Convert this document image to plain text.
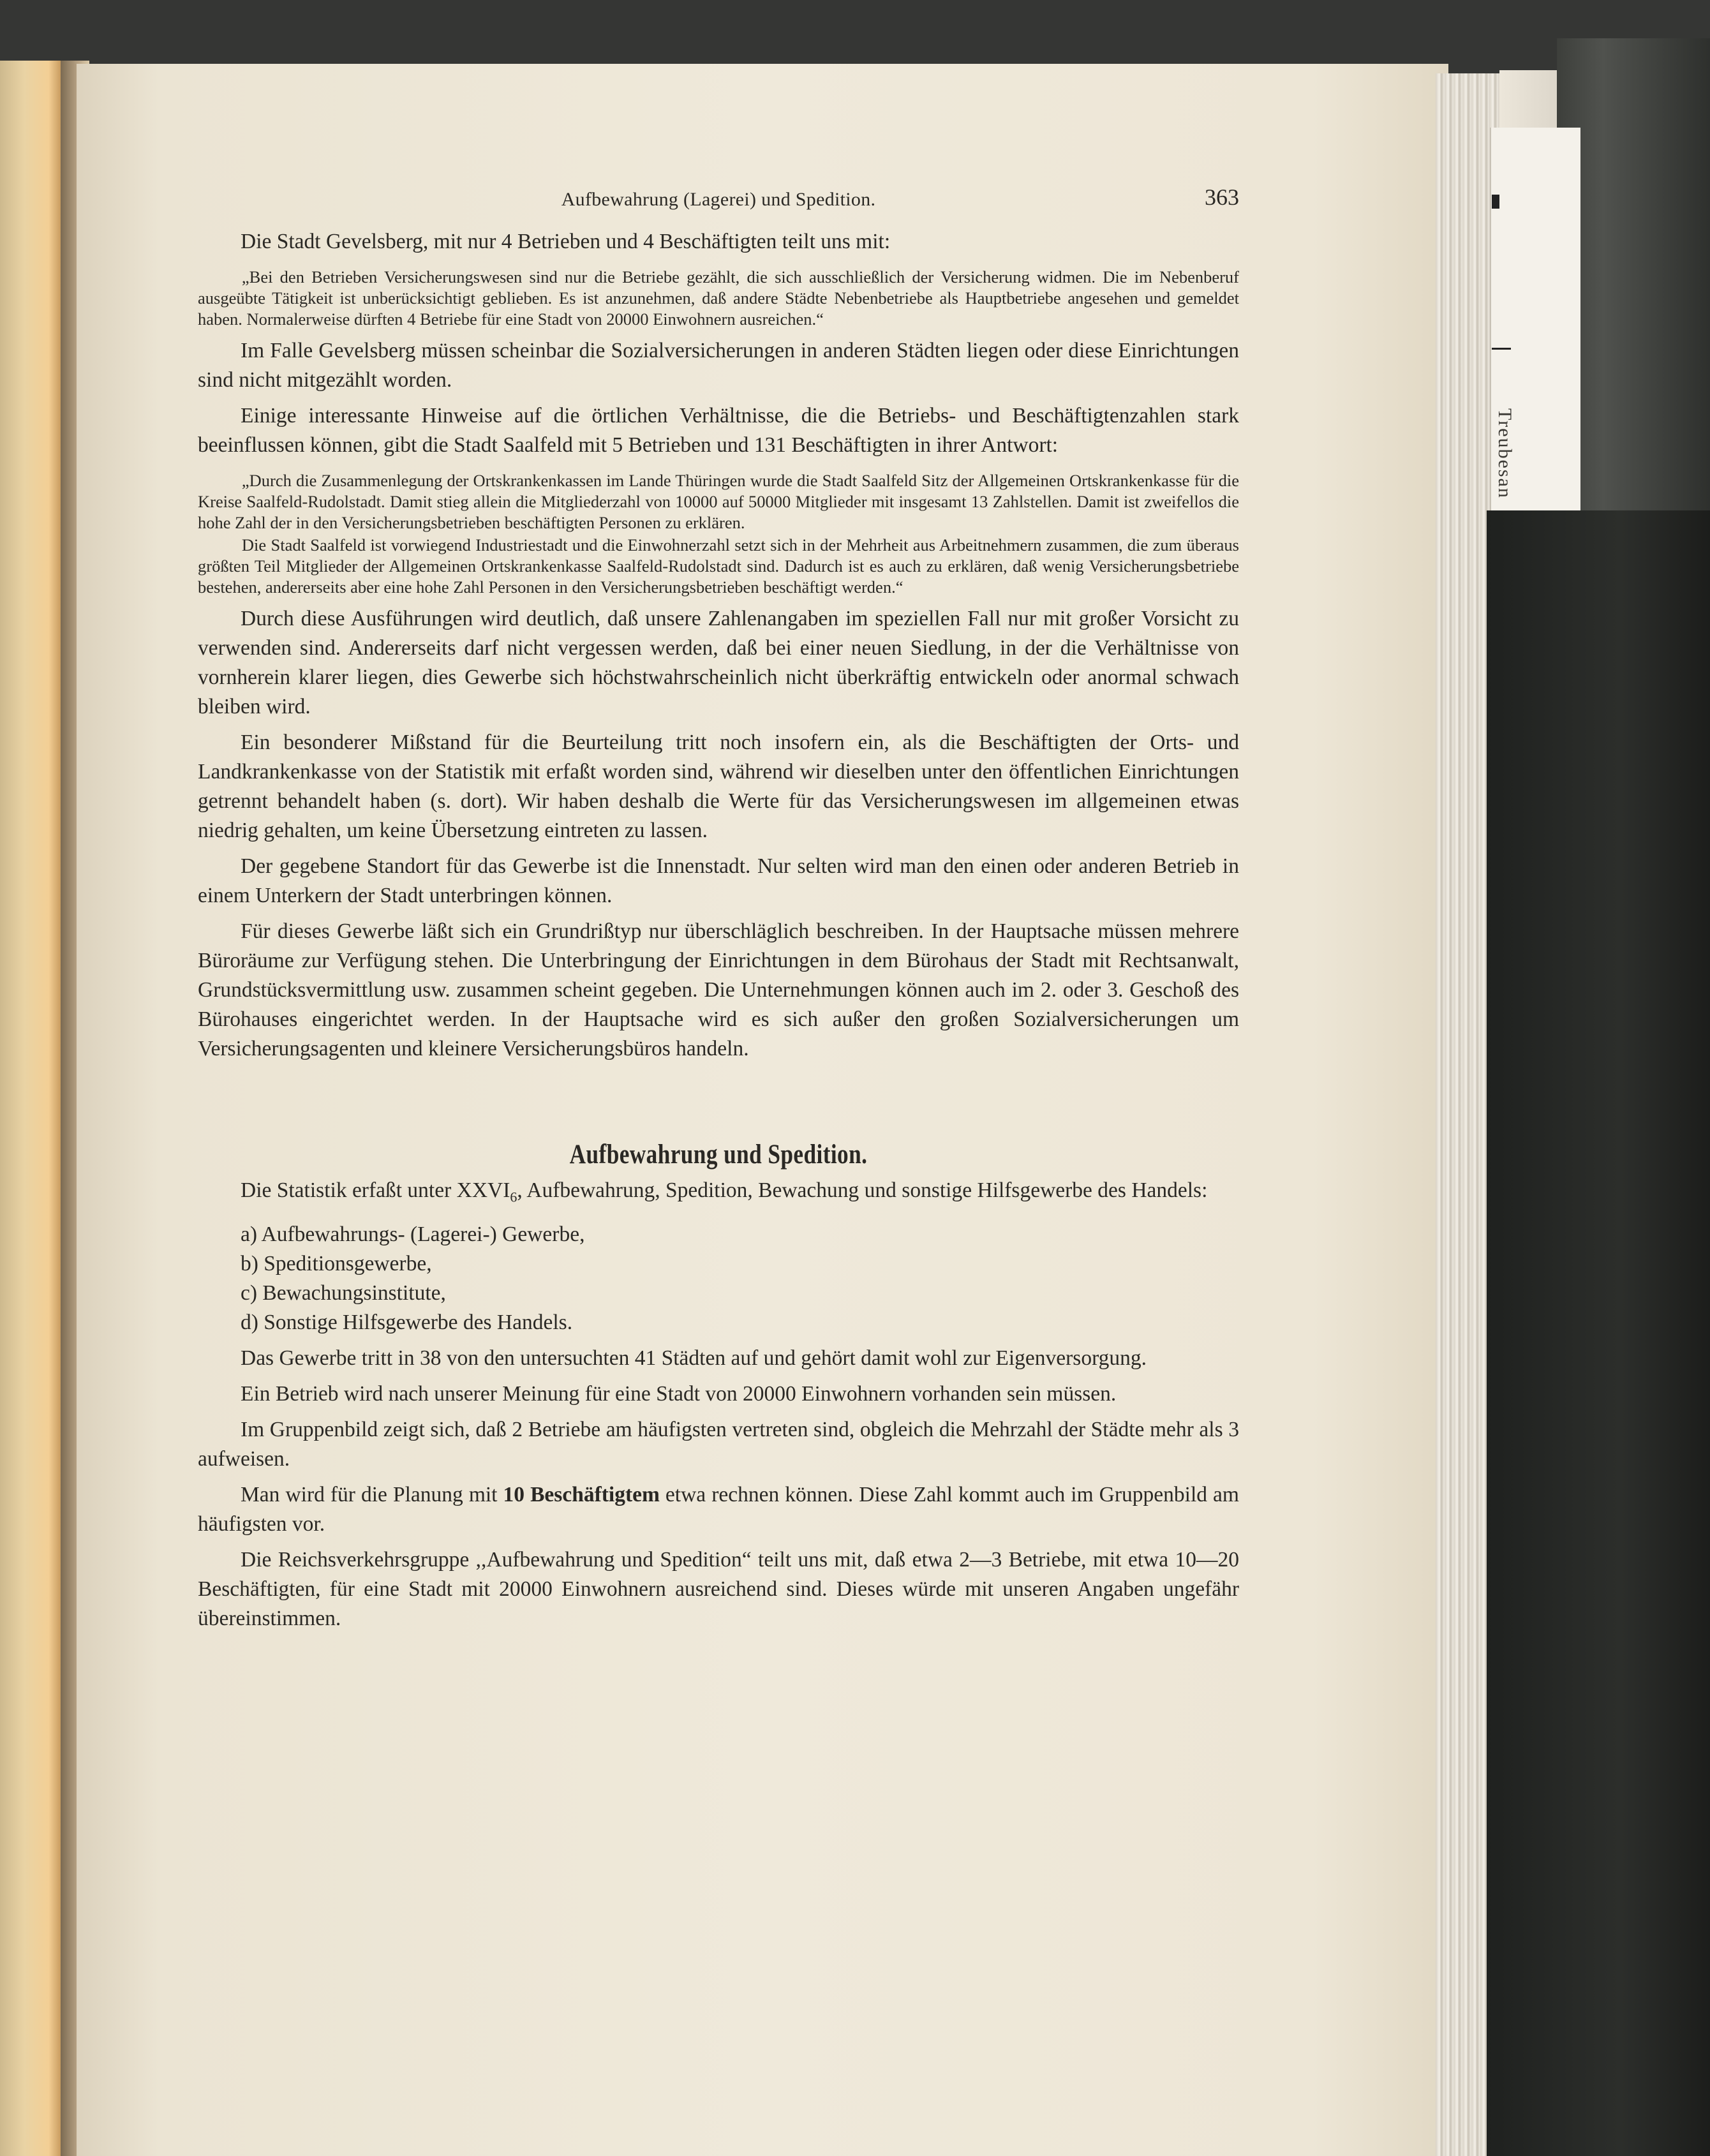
Treubesan
Aufbewahrung (Lagerei) und Spedition.	363

Die Stadt Gevelsberg, mit nur 4 Betrieben und 4 Beschäftigten teilt uns mit:

„Bei den Betrieben Versicherungswesen sind nur die Betriebe gezählt, die sich ausschließlich der Versicherung widmen. Die im Nebenberuf ausgeübte Tätigkeit ist unberücksichtigt geblieben. Es ist anzunehmen, daß andere Städte Nebenbetriebe als Hauptbetriebe angesehen und gemeldet haben. Normalerweise dürften 4 Betriebe für eine Stadt von 20000 Einwohnern ausreichen.“

Im Falle Gevelsberg müssen scheinbar die Sozialversicherungen in anderen Städten liegen oder diese Einrichtungen sind nicht mitgezählt worden.

Einige interessante Hinweise auf die örtlichen Verhältnisse, die die Betriebs- und Beschäftigtenzahlen stark beeinflussen können, gibt die Stadt Saalfeld mit 5 Betrieben und 131 Beschäftigten in ihrer Antwort:

„Durch die Zusammenlegung der Ortskrankenkassen im Lande Thüringen wurde die Stadt Saalfeld Sitz der Allgemeinen Ortskrankenkasse für die Kreise Saalfeld-Rudolstadt. Damit stieg allein die Mitgliederzahl von 10000 auf 50000 Mitglieder mit insgesamt 13 Zahlstellen. Damit ist zweifellos die hohe Zahl der in den Versicherungsbetrieben beschäftigten Personen zu erklären.

Die Stadt Saalfeld ist vorwiegend Industriestadt und die Einwohnerzahl setzt sich in der Mehrheit aus Arbeitnehmern zusammen, die zum überaus größten Teil Mitglieder der Allgemeinen Ortskrankenkasse Saalfeld-Rudolstadt sind. Dadurch ist es auch zu erklären, daß wenig Versicherungsbetriebe bestehen, andererseits aber eine hohe Zahl Personen in den Versicherungsbetrieben beschäftigt werden.“

Durch diese Ausführungen wird deutlich, daß unsere Zahlenangaben im speziellen Fall nur mit großer Vorsicht zu verwenden sind. Andererseits darf nicht vergessen werden, daß bei einer neuen Siedlung, in der die Verhältnisse von vornherein klarer liegen, dies Gewerbe sich höchstwahrscheinlich nicht überkräftig entwickeln oder anormal schwach bleiben wird.

Ein besonderer Mißstand für die Beurteilung tritt noch insofern ein, als die Beschäftigten der Orts- und Landkrankenkasse von der Statistik mit erfaßt worden sind, während wir dieselben unter den öffentlichen Einrichtungen getrennt behandelt haben (s. dort). Wir haben deshalb die Werte für das Versicherungswesen im allgemeinen etwas niedrig gehalten, um keine Übersetzung eintreten zu lassen.

Der gegebene Standort für das Gewerbe ist die Innenstadt. Nur selten wird man den einen oder anderen Betrieb in einem Unterkern der Stadt unterbringen können.

Für dieses Gewerbe läßt sich ein Grundrißtyp nur überschläglich beschreiben. In der Hauptsache müssen mehrere Büroräume zur Verfügung stehen. Die Unterbringung der Einrichtungen in dem Bürohaus der Stadt mit Rechtsanwalt, Grundstücksvermittlung usw. zusammen scheint gegeben. Die Unternehmungen können auch im 2. oder 3. Geschoß des Bürohauses eingerichtet werden. In der Hauptsache wird es sich außer den großen Sozialversicherungen um Versicherungsagenten und kleinere Versicherungsbüros handeln.

Aufbewahrung und Spedition.

Die Statistik erfaßt unter $XXVI_6$, Aufbewahrung, Spedition, Bewachung und sonstige Hilfsgewerbe des Handels:

a) Aufbewahrungs- (Lagerei-) Gewerbe,
b) Speditionsgewerbe,
c) Bewachungsinstitute,
d) Sonstige Hilfsgewerbe des Handels.

Das Gewerbe tritt in 38 von den untersuchten 41 Städten auf und gehört damit wohl zur Eigenversorgung.

Ein Betrieb wird nach unserer Meinung für eine Stadt von 20000 Einwohnern vorhanden sein müssen.

Im Gruppenbild zeigt sich, daß 2 Betriebe am häufigsten vertreten sind, obgleich die Mehrzahl der Städte mehr als 3 aufweisen.

Man wird für die Planung mit 10 Beschäftigtem etwa rechnen können. Diese Zahl kommt auch im Gruppenbild am häufigsten vor.

Die Reichsverkehrsgruppe ,,Aufbewahrung und Spedition“ teilt uns mit, daß etwa 2—3 Betriebe, mit etwa 10—20 Beschäftigten, für eine Stadt mit 20000 Einwohnern ausreichend sind. Dieses würde mit unseren Angaben ungefähr übereinstimmen.
